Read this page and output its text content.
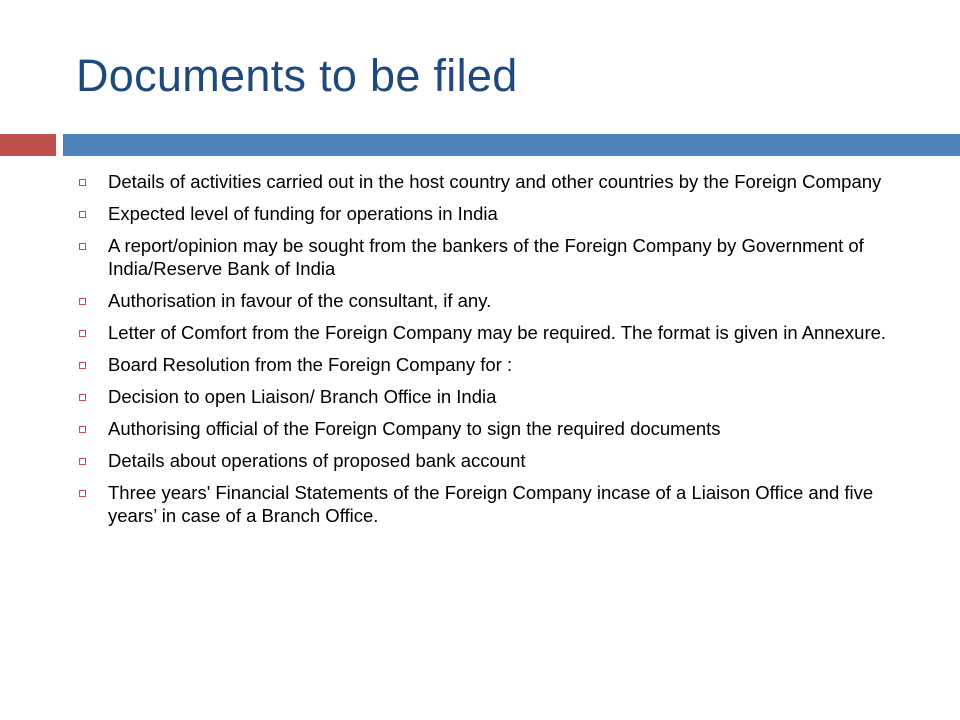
Documents to be filed
Details of activities carried out in the host country and other countries by the Foreign Company
Expected level of funding for operations in India
A report/opinion may be sought from the bankers of the Foreign Company by Government of India/Reserve Bank of India
Authorisation in favour of the consultant, if any.
Letter of Comfort from the Foreign Company may be required. The format is given in Annexure.
Board Resolution from the Foreign Company for :
Decision to open Liaison/ Branch Office in India
Authorising official of the Foreign Company to sign the required documents
Details about operations of proposed bank account
Three years' Financial Statements of the Foreign Company incase of a Liaison Office and five years’ in case of a Branch Office.
